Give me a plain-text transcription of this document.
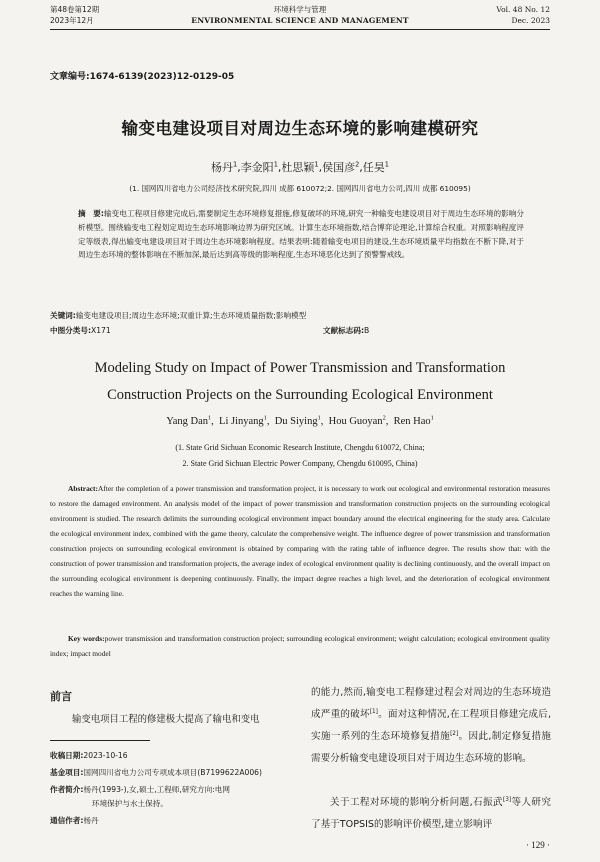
第48卷第12期
2023年12月
环境科学与管理
ENVIRONMENTAL SCIENCE AND MANAGEMENT
Vol. 48 No. 12
Dec. 2023
文章编号:1674-6139(2023)12-0129-05
输变电建设项目对周边生态环境的影响建模研究
杨丹$^1$,李金阳$^1$,杜思颖$^1$,侯国彦$^2$,任昊$^1$
(1. 国网四川省电力公司经济技术研究院,四川 成都 610072;2. 国网四川省电力公司,四川 成都 610095)
摘　要:输变电工程项目修建完成后,需要制定生态环境修复措施,修复破坏的环境,研究一种输变电建设项目对于周边生态环境的影响分析模型。围绕输变电工程划定周边生态环境影响边界为研究区域。计算生态环境指数,结合博弈论理论,计算综合权重。对照影响程度评定等级表,得出输变电建设项目对于周边生态环境影响程度。结果表明:随着输变电项目的建设,生态环境质量平均指数在不断下降,对于周边生态环境的整体影响在不断加深,最后达到高等级的影响程度,生态环境恶化达到了预警警戒线。
关键词:输变电建设项目;周边生态环境;双重计算;生态环境质量指数;影响模型
中图分类号:X171	文献标志码:B
Modeling Study on Impact of Power Transmission and Transformation
Construction Projects on the Surrounding Ecological Environment
Yang Dan$^1$,  Li Jinyang$^1$,  Du Siying$^1$,  Hou Guoyan$^2$,  Ren Hao$^1$
(1. State Grid Sichuan Economic Research Institute, Chengdu 610072, China;
2. State Grid Sichuan Electric Power Company, Chengdu 610095, China)
Abstract:After the completion of a power transmission and transformation project, it is necessary to work out ecological and environmental restoration measures to restore the damaged environment. An analysis model of the impact of power transmission and transformation construction projects on the surrounding ecological environment is studied. The research delimits the surrounding ecological environment impact boundary around the electrical engineering for the study area. Calculate the ecological environment index, combined with the game theory, calculate the comprehensive weight. The influence degree of power transmission and transformation construction projects on surrounding ecological environment is obtained by comparing with the rating table of influence degree. The results show that: with the construction of power transmission and transformation projects, the average index of ecological environment quality is declining continuously, and the overall impact on the surrounding ecological environment is deepening continuously. Finally, the impact degree reaches a high level, and the deterioration of ecological environment reaches the warning line.
Key words:power transmission and transformation construction project; surrounding ecological environment; weight calculation; ecological environment quality index; impact model
前言
输变电项目工程的修建极大提高了输电和变电
收稿日期:2023-10-16
基金项目:国网四川省电力公司专项成本项目(B7199622A006)
作者简介:杨丹(1993-),女,硕士,工程师,研究方向:电网
环境保护与水土保持。
通信作者:杨丹
的能力,然而,输变电工程修建过程会对周边的生态环境造成严重的破坏[1]。面对这种情况,在工程项目修建完成后,实施一系列的生态环境修复措施[2]。因此,制定修复措施需要分析输变电建设项目对于周边生态环境的影响。
关于工程对环境的影响分析问题,石振武[3]等人研究了基于TOPSIS的影响评价模型,建立影响评
· 129 ·
